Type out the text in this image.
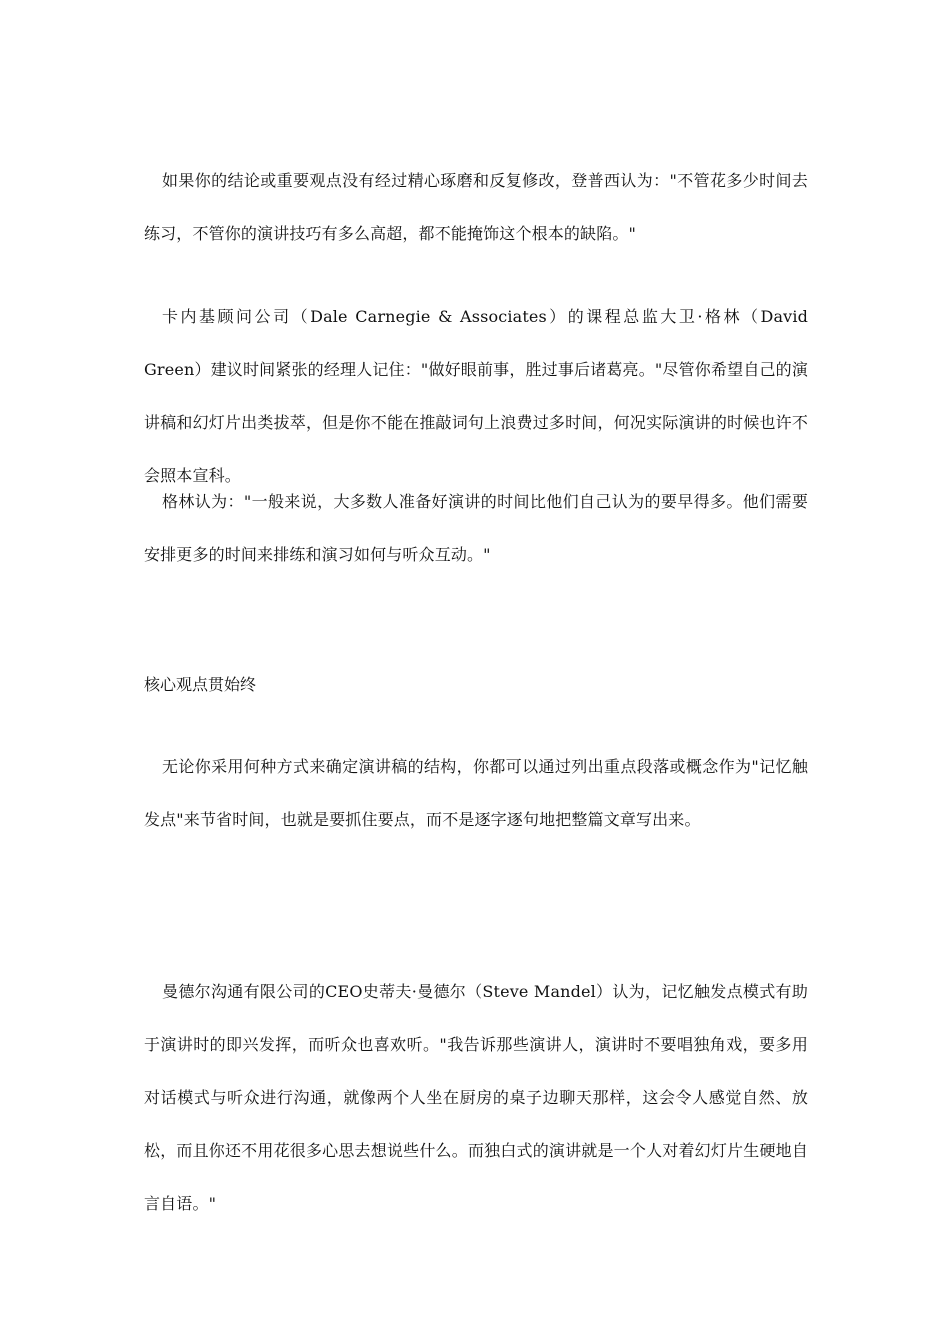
如果你的结论或重要观点没有经过精心琢磨和反复修改，登普西认为："不管花多少时间去练习，不管你的演讲技巧有多么高超，都不能掩饰这个根本的缺陷。"

卡内基顾问公司（Dale Carnegie & Associates）的课程总监大卫·格林（David Green）建议时间紧张的经理人记住："做好眼前事，胜过事后诸葛亮。"尽管你希望自己的演讲稿和幻灯片出类拔萃，但是你不能在推敲词句上浪费过多时间，何况实际演讲的时候也许不会照本宣科。

格林认为："一般来说，大多数人准备好演讲的时间比他们自己认为的要早得多。他们需要安排更多的时间来排练和演习如何与听众互动。"

核心观点贯始终

无论你采用何种方式来确定演讲稿的结构，你都可以通过列出重点段落或概念作为"记忆触发点"来节省时间，也就是要抓住要点，而不是逐字逐句地把整篇文章写出来。

曼德尔沟通有限公司的CEO史蒂夫·曼德尔（Steve Mandel）认为，记忆触发点模式有助于演讲时的即兴发挥，而听众也喜欢听。"我告诉那些演讲人，演讲时不要唱独角戏，要多用对话模式与听众进行沟通，就像两个人坐在厨房的桌子边聊天那样，这会令人感觉自然、放松，而且你还不用花很多心思去想说些什么。而独白式的演讲就是一个人对着幻灯片生硬地自言自语。"
